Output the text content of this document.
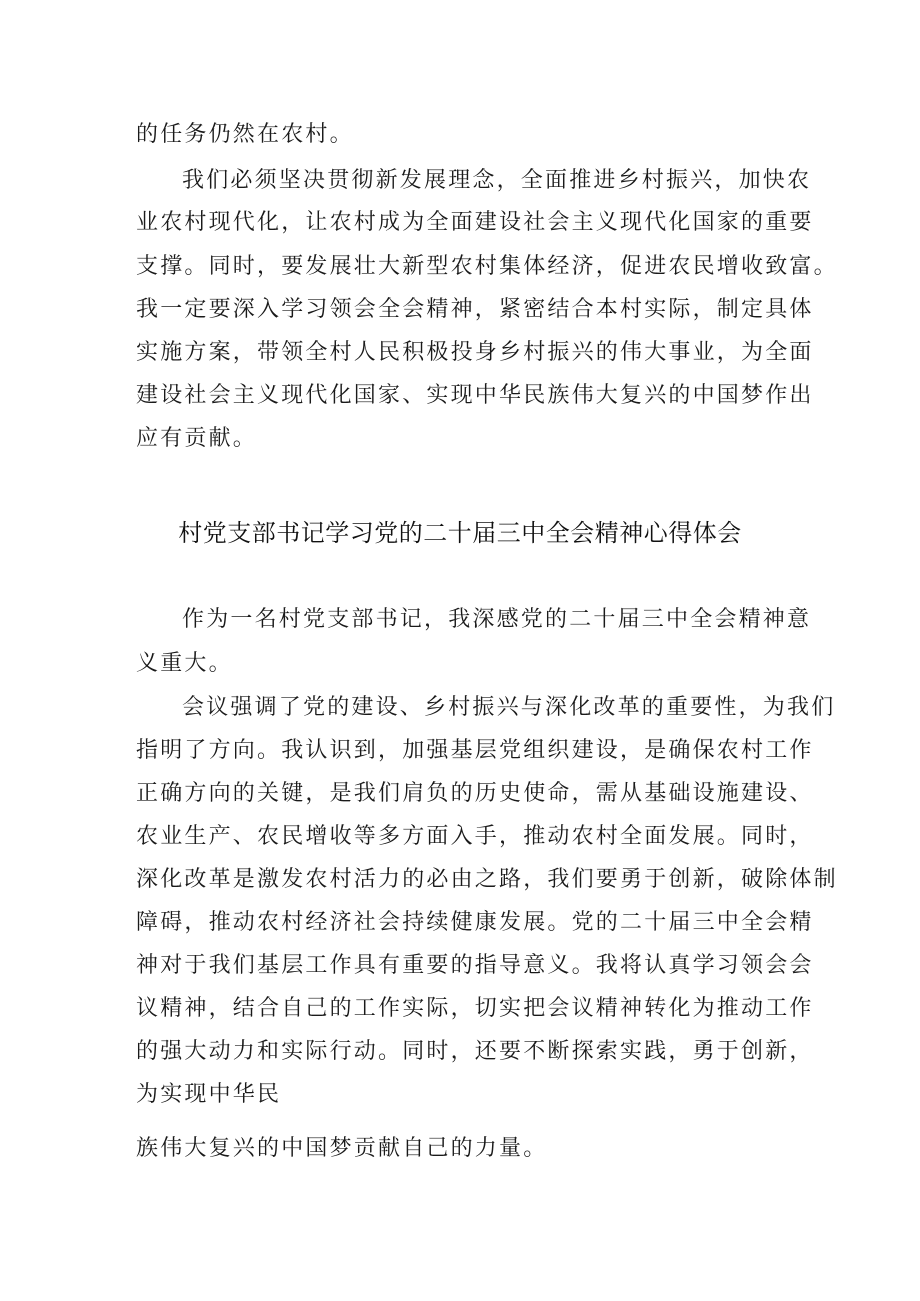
的任务仍然在农村。
我们必须坚决贯彻新发展理念，全面推进乡村振兴，加快农
业农村现代化，让农村成为全面建设社会主义现代化国家的重要
支撑。同时，要发展壮大新型农村集体经济，促进农民增收致富。
我一定要深入学习领会全会精神，紧密结合本村实际，制定具体
实施方案，带领全村人民积极投身乡村振兴的伟大事业，为全面
建设社会主义现代化国家、实现中华民族伟大复兴的中国梦作出
应有贡献。
村党支部书记学习党的二十届三中全会精神心得体会
作为一名村党支部书记，我深感党的二十届三中全会精神意
义重大。
会议强调了党的建设、乡村振兴与深化改革的重要性，为我们
指明了方向。我认识到，加强基层党组织建设，是确保农村工作
正确方向的关键，是我们肩负的历史使命，需从基础设施建设、
农业生产、农民增收等多方面入手，推动农村全面发展。同时，
深化改革是激发农村活力的必由之路，我们要勇于创新，破除体制
障碍，推动农村经济社会持续健康发展。党的二十届三中全会精
神对于我们基层工作具有重要的指导意义。我将认真学习领会会
议精神，结合自己的工作实际，切实把会议精神转化为推动工作
的强大动力和实际行动。同时，还要不断探索实践，勇于创新，
为实现中华民
族伟大复兴的中国梦贡献自己的力量。
